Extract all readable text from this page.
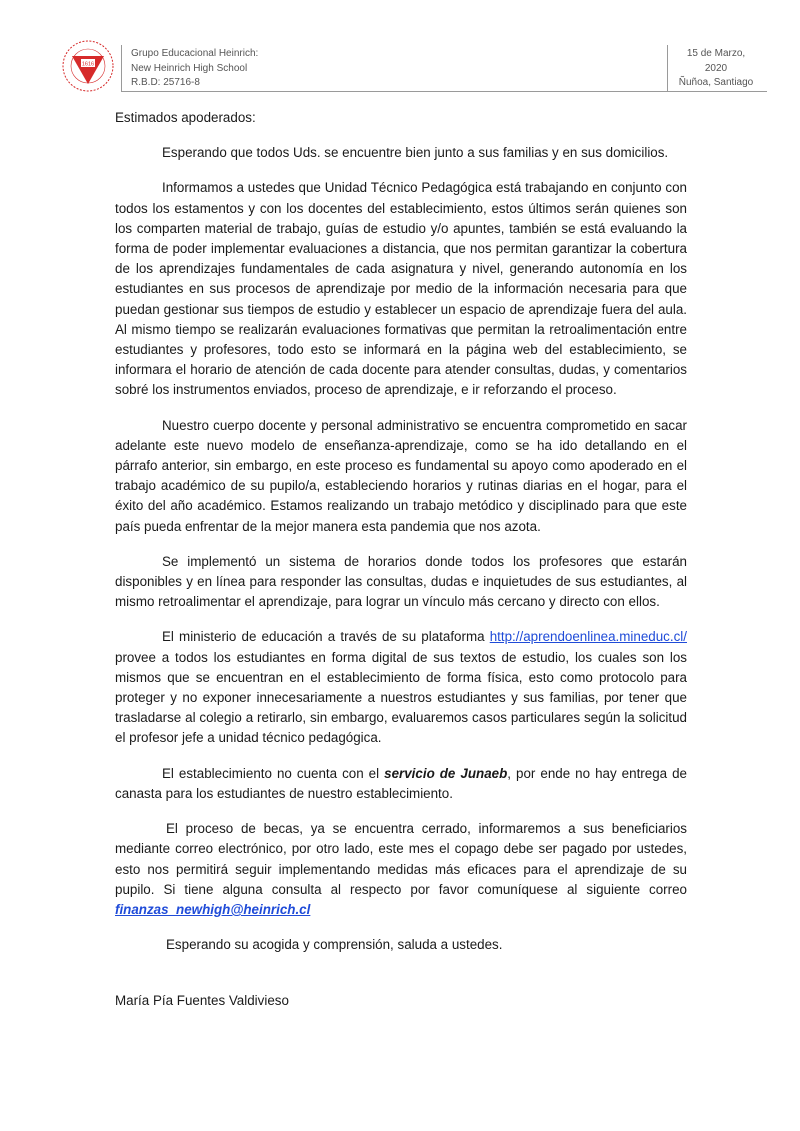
1616
Grupo Educacional Heinrich:
New Heinrich High School
R.B.D: 25716-8
15 de Marzo,
2020
Ñuñoa, Santiago

Estimados apoderados:

Esperando que todos Uds. se encuentre bien junto a sus familias y en sus domicilios.

Informamos a ustedes que Unidad Técnico Pedagógica está trabajando en conjunto con todos los estamentos y con los docentes del establecimiento, estos últimos serán quienes son los comparten material de trabajo, guías de estudio y/o apuntes, también se está evaluando la forma de poder implementar evaluaciones a distancia, que nos permitan garantizar la cobertura de los aprendizajes fundamentales de cada asignatura y nivel, generando autonomía en los estudiantes en sus procesos de aprendizaje por medio de la información necesaria para que puedan gestionar sus tiempos de estudio y establecer un espacio de aprendizaje fuera del aula. Al mismo tiempo se realizarán evaluaciones formativas que permitan la retroalimentación entre estudiantes y profesores, todo esto se informará en la página web del establecimiento, se informara el horario de atención de cada docente para atender consultas, dudas, y comentarios sobré los instrumentos enviados, proceso de aprendizaje, e ir reforzando el proceso.

Nuestro cuerpo docente y personal administrativo se encuentra comprometido en sacar adelante este nuevo modelo de enseñanza-aprendizaje, como se ha ido detallando en el párrafo anterior, sin embargo, en este proceso es fundamental su apoyo como apoderado en el trabajo académico de su pupilo/a, estableciendo horarios y rutinas diarias en el hogar, para el éxito del año académico. Estamos realizando un trabajo metódico y disciplinado para que este país pueda enfrentar de la mejor manera esta pandemia que nos azota.

Se implementó un sistema de horarios donde todos los profesores que estarán disponibles y en línea para responder las consultas, dudas e inquietudes de sus estudiantes, al mismo retroalimentar el aprendizaje, para lograr un vínculo más cercano y directo con ellos.

El ministerio de educación a través de su plataforma http://aprendoenlinea.mineduc.cl/ provee a todos los estudiantes en forma digital de sus textos de estudio, los cuales son los mismos que se encuentran en el establecimiento de forma física, esto como protocolo para proteger y no exponer innecesariamente a nuestros estudiantes y sus familias, por tener que trasladarse al colegio a retirarlo, sin embargo, evaluaremos casos particulares según la solicitud el profesor jefe a unidad técnico pedagógica.

El establecimiento no cuenta con el servicio de Junaeb, por ende no hay entrega de canasta para los estudiantes de nuestro establecimiento.

El proceso de becas, ya se encuentra cerrado, informaremos a sus beneficiarios mediante correo electrónico, por otro lado, este mes el copago debe ser pagado por ustedes, esto nos permitirá seguir implementando medidas más eficaces para el aprendizaje de su pupilo. Si tiene alguna consulta al respecto por favor comuníquese al siguiente correo finanzas_newhigh@heinrich.cl

Esperando su acogida y comprensión, saluda a ustedes.

María Pía Fuentes Valdivieso
